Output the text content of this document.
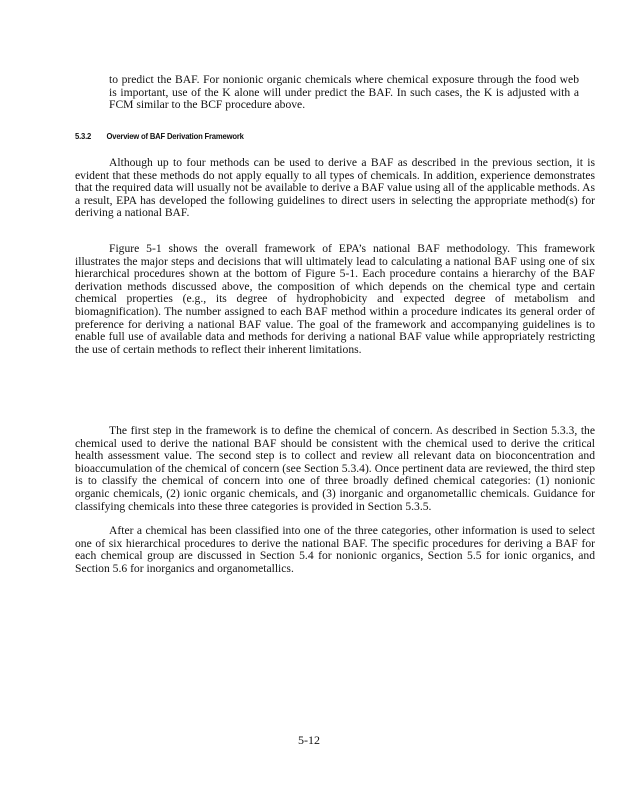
to predict the BAF. For nonionic organic chemicals where chemical exposure through the food web is important, use of the K alone will under predict the BAF. In such cases, the K is adjusted with a FCM similar to the BCF procedure above.

5.3.2 Overview of BAF Derivation Framework

Although up to four methods can be used to derive a BAF as described in the previous section, it is evident that these methods do not apply equally to all types of chemicals. In addition, experience demonstrates that the required data will usually not be available to derive a BAF value using all of the applicable methods. As a result, EPA has developed the following guidelines to direct users in selecting the appropriate method(s) for deriving a national BAF.

Figure 5-1 shows the overall framework of EPA’s national BAF methodology. This framework illustrates the major steps and decisions that will ultimately lead to calculating a national BAF using one of six hierarchical procedures shown at the bottom of Figure 5-1. Each procedure contains a hierarchy of the BAF derivation methods discussed above, the composition of which depends on the chemical type and certain chemical properties (e.g., its degree of hydrophobicity and expected degree of metabolism and biomagnification). The number assigned to each BAF method within a procedure indicates its general order of preference for deriving a national BAF value. The goal of the framework and accompanying guidelines is to enable full use of available data and methods for deriving a national BAF value while appropriately restricting the use of certain methods to reflect their inherent limitations.

The first step in the framework is to define the chemical of concern. As described in Section 5.3.3, the chemical used to derive the national BAF should be consistent with the chemical used to derive the critical health assessment value. The second step is to collect and review all relevant data on bioconcentration and bioaccumulation of the chemical of concern (see Section 5.3.4). Once pertinent data are reviewed, the third step is to classify the chemical of concern into one of three broadly defined chemical categories: (1) nonionic organic chemicals, (2) ionic organic chemicals, and (3) inorganic and organometallic chemicals. Guidance for classifying chemicals into these three categories is provided in Section 5.3.5.

After a chemical has been classified into one of the three categories, other information is used to select one of six hierarchical procedures to derive the national BAF. The specific procedures for deriving a BAF for each chemical group are discussed in Section 5.4 for nonionic organics, Section 5.5 for ionic organics, and Section 5.6 for inorganics and organometallics.

5-12
